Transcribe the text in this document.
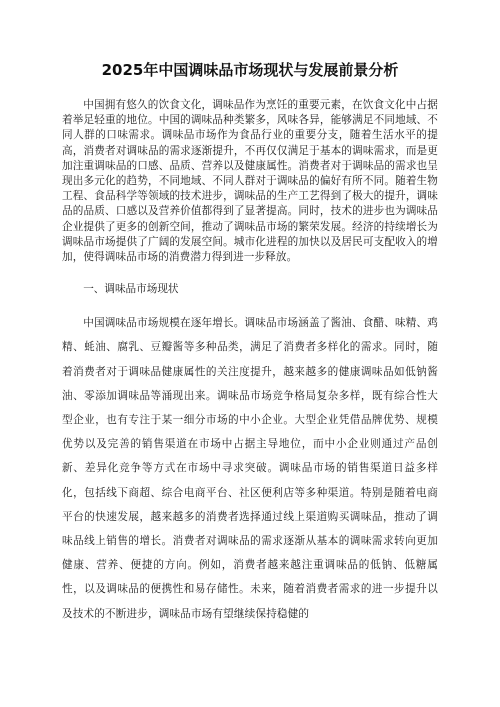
2025年中国调味品市场现状与发展前景分析

中国拥有悠久的饮食文化，调味品作为烹饪的重要元素，在饮食文化中占据着举足轻重的地位。中国的调味品种类繁多，风味各异，能够满足不同地域、不同人群的口味需求。调味品市场作为食品行业的重要分支，随着生活水平的提高，消费者对调味品的需求逐渐提升，不再仅仅满足于基本的调味需求，而是更加注重调味品的口感、品质、营养以及健康属性。消费者对于调味品的需求也呈现出多元化的趋势，不同地域、不同人群对于调味品的偏好有所不同。随着生物工程、食品科学等领域的技术进步，调味品的生产工艺得到了极大的提升，调味品的品质、口感以及营养价值都得到了显著提高。同时，技术的进步也为调味品企业提供了更多的创新空间，推动了调味品市场的繁荣发展。经济的持续增长为调味品市场提供了广阔的发展空间。城市化进程的加快以及居民可支配收入的增加，使得调味品市场的消费潜力得到进一步释放。

一、调味品市场现状

中国调味品市场规模在逐年增长。调味品市场涵盖了酱油、食醋、味精、鸡精、蚝油、腐乳、豆瓣酱等多种品类，满足了消费者多样化的需求。同时，随着消费者对于调味品健康属性的关注度提升，越来越多的健康调味品如低钠酱油、零添加调味品等涌现出来。调味品市场竞争格局复杂多样，既有综合性大型企业，也有专注于某一细分市场的中小企业。大型企业凭借品牌优势、规模优势以及完善的销售渠道在市场中占据主导地位，而中小企业则通过产品创新、差异化竞争等方式在市场中寻求突破。调味品市场的销售渠道日益多样化，包括线下商超、综合电商平台、社区便利店等多种渠道。特别是随着电商平台的快速发展，越来越多的消费者选择通过线上渠道购买调味品，推动了调味品线上销售的增长。消费者对调味品的需求逐渐从基本的调味需求转向更加健康、营养、便捷的方向。例如，消费者越来越注重调味品的低钠、低糖属性，以及调味品的便携性和易存储性。未来，随着消费者需求的进一步提升以及技术的不断进步，调味品市场有望继续保持稳健的
